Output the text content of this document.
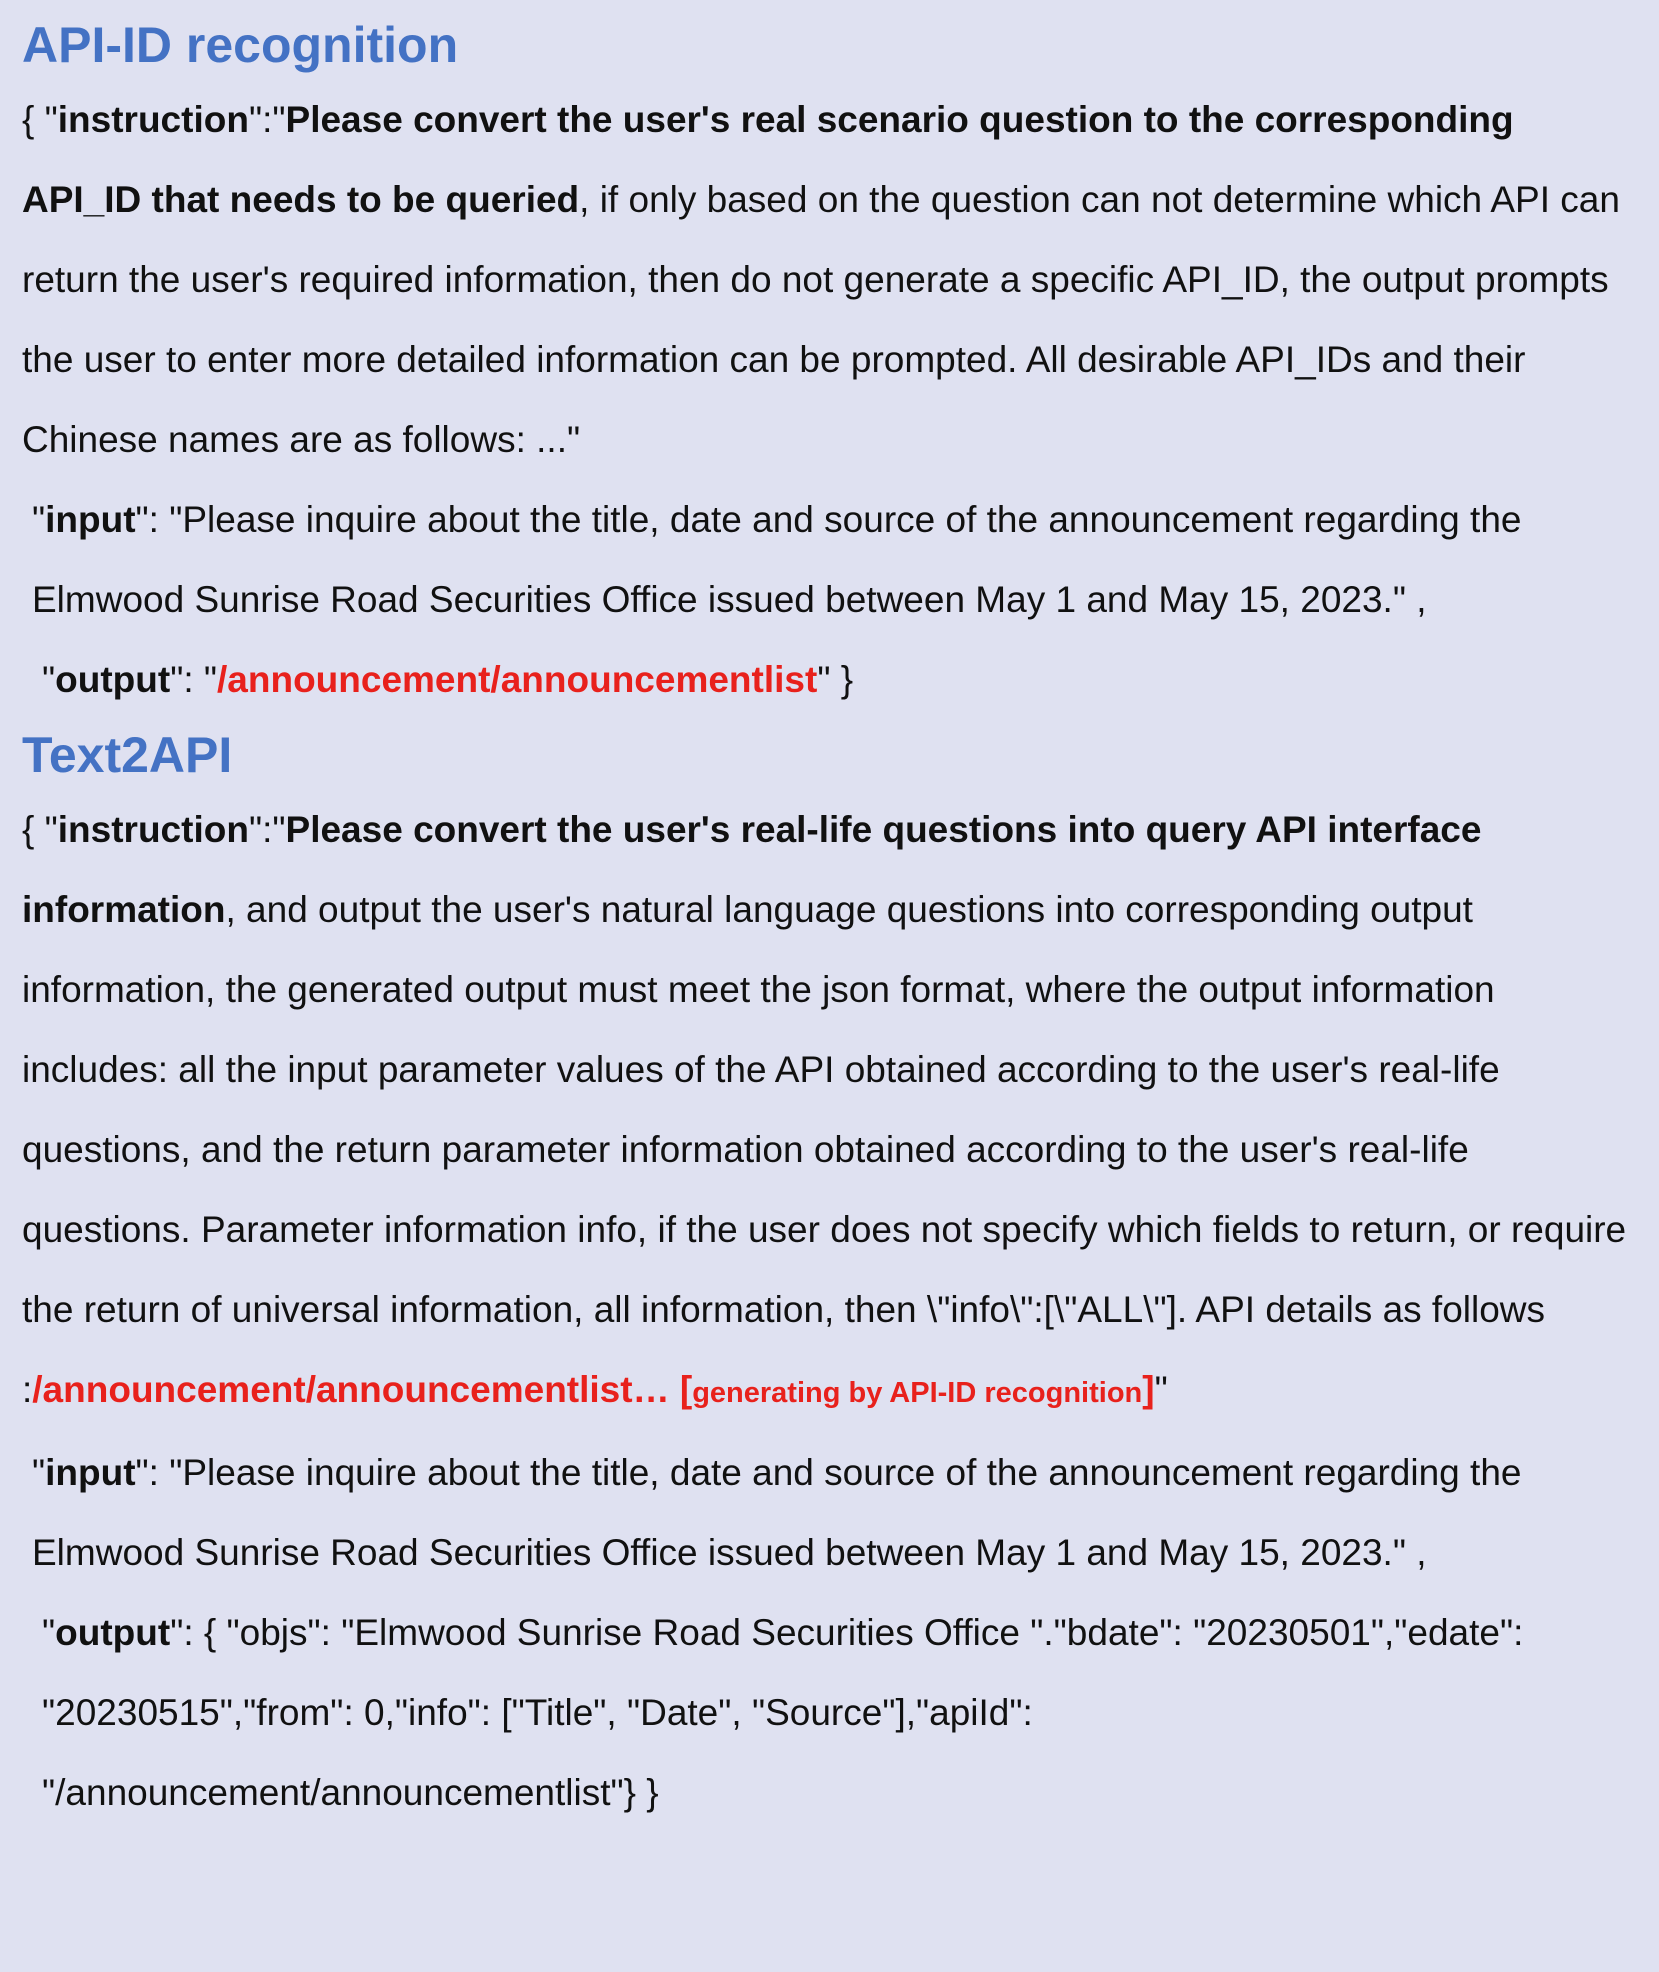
API-ID recognition

{ "instruction":"Please convert the user's real scenario question to the corresponding API_ID that needs to be queried, if only based on the question can not determine which API can return the user's required information, then do not generate a specific API_ID, the output prompts the user to enter more detailed information can be prompted. All desirable API_IDs and their Chinese names are as follows: ..."

"input": "Please inquire about the title, date and source of the announcement regarding the Elmwood Sunrise Road Securities Office issued between May 1 and May 15, 2023." ,

"output": "/announcement/announcementlist" }

Text2API

{ "instruction":"Please convert the user's real-life questions into query API interface information, and output the user's natural language questions into corresponding output information, the generated output must meet the json format, where the output information includes: all the input parameter values of the API obtained according to the user's real-life questions, and the return parameter information obtained according to the user's real-life questions. Parameter information info, if the user does not specify which fields to return, or require the return of universal information, all information, then \"info\":[\"ALL\"]. API details as follows :/announcement/announcementlist… [generating by API-ID recognition]"

"input": "Please inquire about the title, date and source of the announcement regarding the Elmwood Sunrise Road Securities Office issued between May 1 and May 15, 2023." ,

"output": { "objs": "Elmwood Sunrise Road Securities Office "."bdate": "20230501","edate": "20230515","from": 0,"info": ["Title", "Date", "Source"],"apiId": "/announcement/announcementlist"} }
